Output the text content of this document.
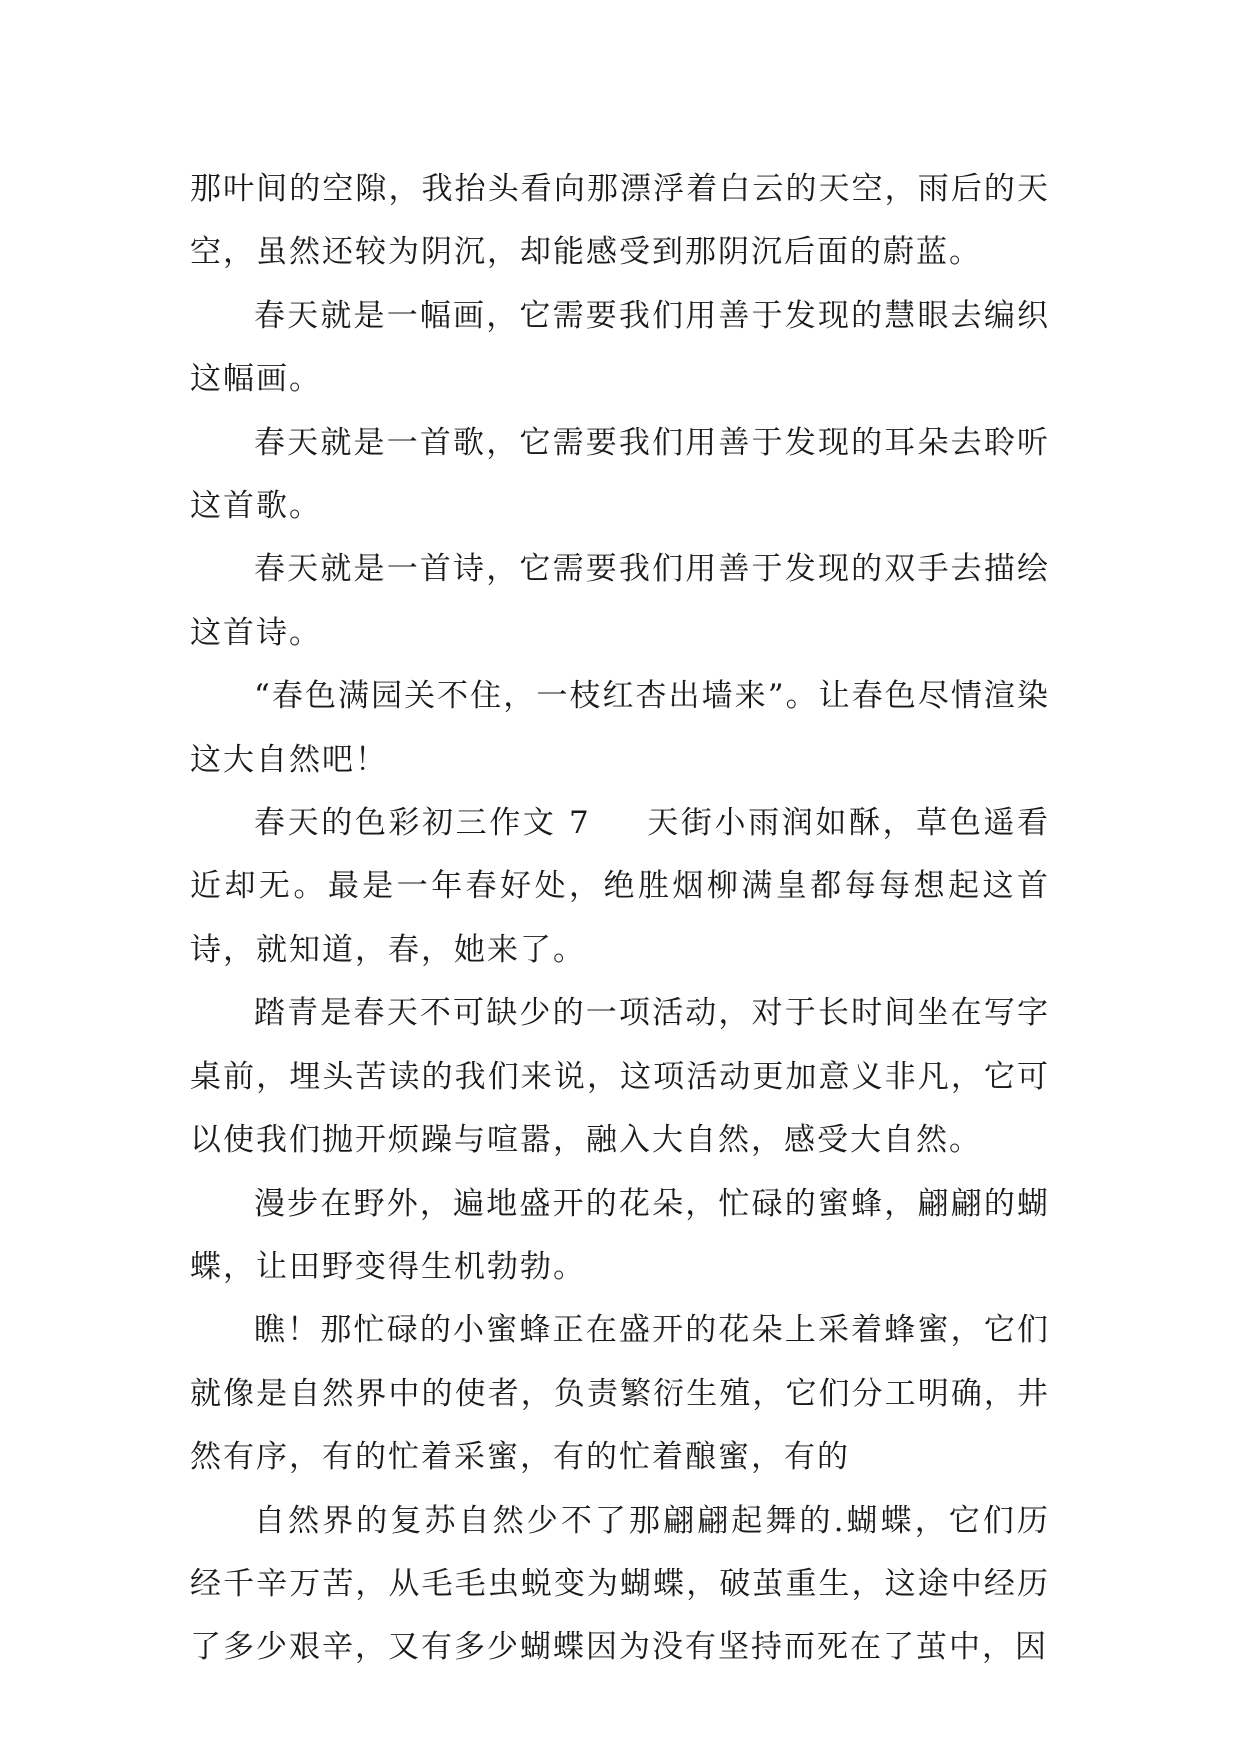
那叶间的空隙，我抬头看向那漂浮着白云的天空，雨后的天空，虽然还较为阴沉，却能感受到那阴沉后面的蔚蓝。

春天就是一幅画，它需要我们用善于发现的慧眼去编织这幅画。

春天就是一首歌，它需要我们用善于发现的耳朵去聆听这首歌。

春天就是一首诗，它需要我们用善于发现的双手去描绘这首诗。

“春色满园关不住，一枝红杏出墙来”。让春色尽情渲染这大自然吧！

春天的色彩初三作文 7 天街小雨润如酥，草色遥看近却无。最是一年春好处，绝胜烟柳满皇都每每想起这首诗，就知道，春，她来了。

踏青是春天不可缺少的一项活动，对于长时间坐在写字桌前，埋头苦读的我们来说，这项活动更加意义非凡，它可以使我们抛开烦躁与喧嚣，融入大自然，感受大自然。

漫步在野外，遍地盛开的花朵，忙碌的蜜蜂，翩翩的蝴蝶，让田野变得生机勃勃。

瞧！那忙碌的小蜜蜂正在盛开的花朵上采着蜂蜜，它们就像是自然界中的使者，负责繁衍生殖，它们分工明确，井然有序，有的忙着采蜜，有的忙着酿蜜，有的

自然界的复苏自然少不了那翩翩起舞的.蝴蝶，它们历经千辛万苦，从毛毛虫蜕变为蝴蝶，破茧重生，这途中经历了多少艰辛，又有多少蝴蝶因为没有坚持而死在了茧中，因
